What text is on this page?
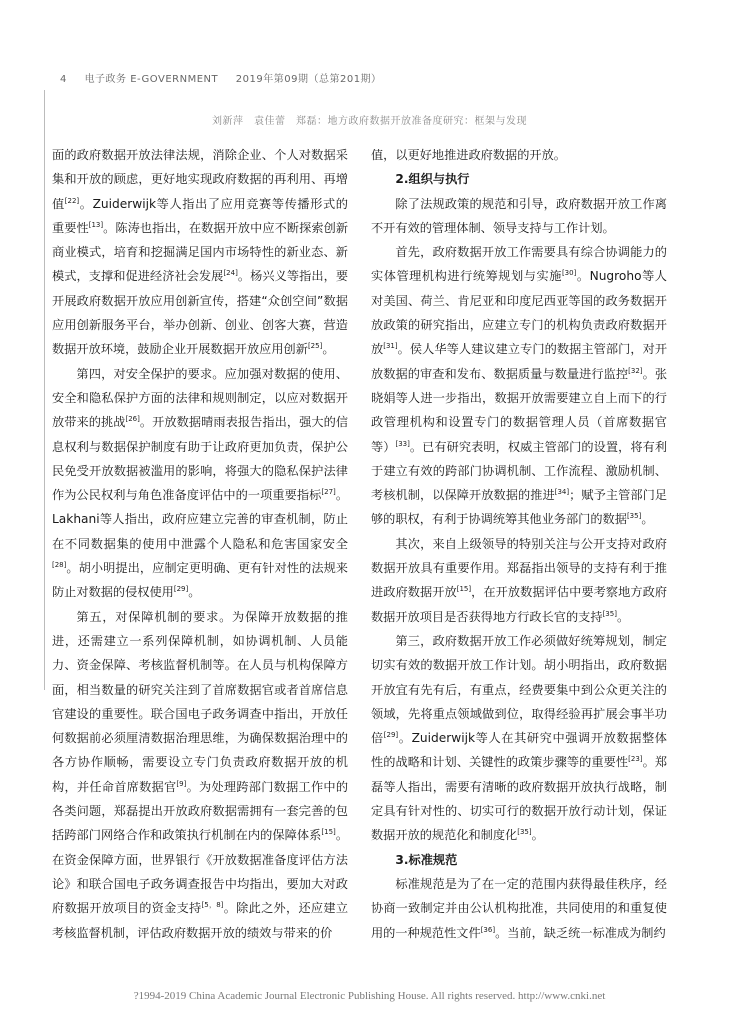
4 电子政务 E-GOVERNMENT 2019年第09期（总第201期）
刘新萍　袁佳蕾　郑磊：地方政府数据开放准备度研究：框架与发现

面的政府数据开放法律法规，消除企业、个人对数据采集和开放的顾虑，更好地实现政府数据的再利用、再增值[22]。Zuiderwijk等人指出了应用竞赛等传播形式的重要性[13]。陈涛也指出，在数据开放中应不断探索创新商业模式，培育和挖掘满足国内市场特性的新业态、新模式，支撑和促进经济社会发展[24]。杨兴义等指出，要开展政府数据开放应用创新宣传，搭建“众创空间”数据应用创新服务平台，举办创新、创业、创客大赛，营造数据开放环境，鼓励企业开展数据开放应用创新[25]。

第四，对安全保护的要求。应加强对数据的使用、安全和隐私保护方面的法律和规则制定，以应对数据开放带来的挑战[26]。开放数据晴雨表报告指出，强大的信息权利与数据保护制度有助于让政府更加负责，保护公民免受开放数据被滥用的影响，将强大的隐私保护法律作为公民权利与角色准备度评估中的一项重要指标[27]。Lakhani等人指出，政府应建立完善的审查机制，防止在不同数据集的使用中泄露个人隐私和危害国家安全[28]。胡小明提出，应制定更明确、更有针对性的法规来防止对数据的侵权使用[29]。

第五，对保障机制的要求。为保障开放数据的推进，还需建立一系列保障机制，如协调机制、人员能力、资金保障、考核监督机制等。在人员与机构保障方面，相当数量的研究关注到了首席数据官或者首席信息官建设的重要性。联合国电子政务调查中指出，开放任何数据前必须厘清数据治理思维，为确保数据治理中的各方协作顺畅，需要设立专门负责政府数据开放的机构，并任命首席数据官[9]。为处理跨部门数据工作中的各类问题，郑磊提出开放政府数据需拥有一套完善的包括跨部门网络合作和政策执行机制在内的保障体系[15]。在资金保障方面，世界银行《开放数据准备度评估方法论》和联合国电子政务调查报告中均指出，要加大对政府数据开放项目的资金支持[5，8]。除此之外，还应建立考核监督机制，评估政府数据开放的绩效与带来的价

值，以更好地推进政府数据的开放。

2.组织与执行

除了法规政策的规范和引导，政府数据开放工作离不开有效的管理体制、领导支持与工作计划。

首先，政府数据开放工作需要具有综合协调能力的实体管理机构进行统筹规划与实施[30]。Nugroho等人对美国、荷兰、肯尼亚和印度尼西亚等国的政务数据开放政策的研究指出，应建立专门的机构负责政府数据开放[31]。侯人华等人建议建立专门的数据主管部门，对开放数据的审查和发布、数据质量与数量进行监控[32]。张晓娟等人进一步指出，数据开放需要建立自上而下的行政管理机构和设置专门的数据管理人员（首席数据官等）[33]。已有研究表明，权威主管部门的设置，将有利于建立有效的跨部门协调机制、工作流程、激励机制、考核机制，以保障开放数据的推进[34]；赋予主管部门足够的职权，有利于协调统筹其他业务部门的数据[35]。

其次，来自上级领导的特别关注与公开支持对政府数据开放具有重要作用。郑磊指出领导的支持有利于推进政府数据开放[15]，在开放数据评估中要考察地方政府数据开放项目是否获得地方行政长官的支持[35]。

第三，政府数据开放工作必须做好统筹规划，制定切实有效的数据开放工作计划。胡小明指出，政府数据开放宜有先有后，有重点，经费要集中到公众更关注的领域，先将重点领域做到位，取得经验再扩展会事半功倍[29]。Zuiderwijk等人在其研究中强调开放数据整体性的战略和计划、关键性的政策步骤等的重要性[23]。郑磊等人指出，需要有清晰的政府数据开放执行战略，制定具有针对性的、切实可行的数据开放行动计划，保证数据开放的规范化和制度化[35]。

3.标准规范

标准规范是为了在一定的范围内获得最佳秩序，经协商一致制定并由公认机构批准，共同使用的和重复使用的一种规范性文件[36]。当前，缺乏统一标准成为制约

?1994-2019 China Academic Journal Electronic Publishing House. All rights reserved. http://www.cnki.net
